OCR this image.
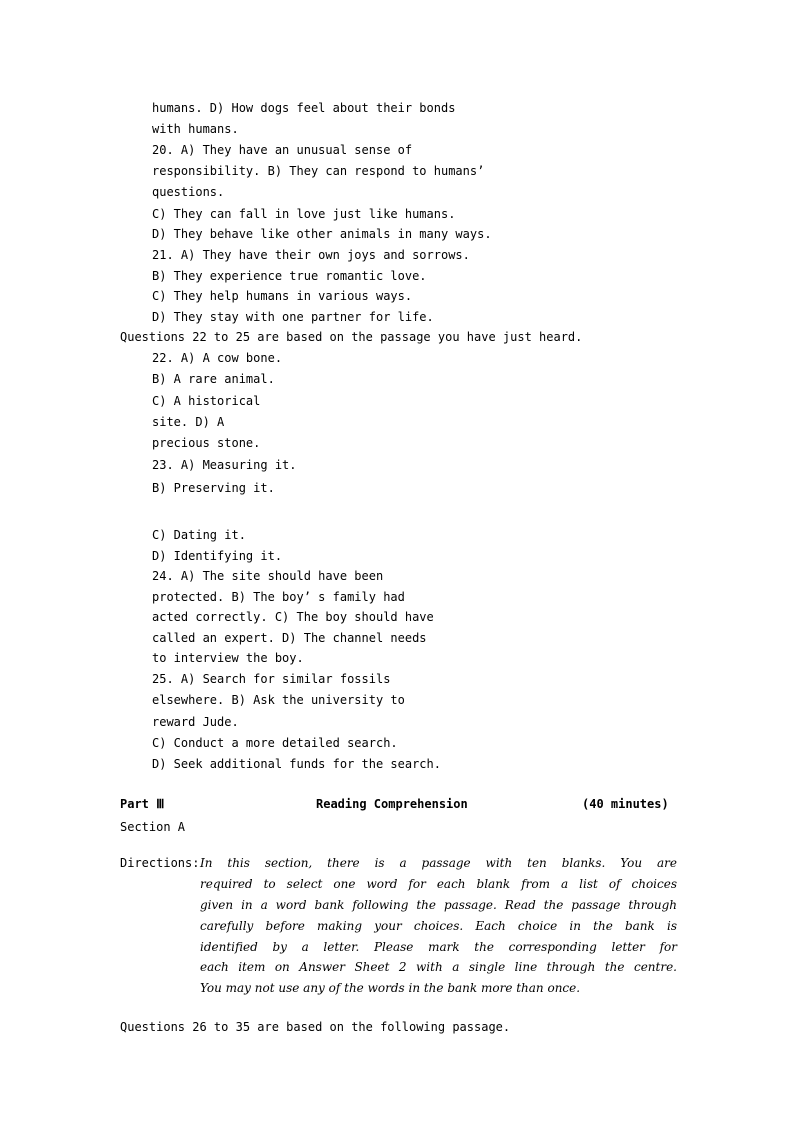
humans. D) How dogs feel about their bonds
with humans.
20. A) They have an unusual sense of
responsibility. B) They can respond to humans’
questions.
C) They can fall in love just like humans.
D) They behave like other animals in many ways.
21. A) They have their own joys and sorrows.
B) They experience true romantic love.
C) They help humans in various ways.
D) They stay with one partner for life.
Questions 22 to 25 are based on the passage you have just heard.
22. A) A cow bone.
B) A rare animal.
C) A historical
site. D) A
precious stone.
23. A) Measuring it.
B) Preserving it.
C) Dating it.
D) Identifying it.
24. A) The site should have been
protected. B) The boy’ s family had
acted correctly. C) The boy should have
called an expert. D) The channel needs
to interview the boy.
25. A) Search for similar fossils
elsewhere. B) Ask the university to
reward Jude.
C) Conduct a more detailed search.
D) Seek additional funds for the search.
Part Ⅲ	Reading Comprehension	(40 minutes)
Section A
Directions: In this section, there is a passage with ten blanks. You are
required to select one word for each blank from a list of choices
given in a word bank following the passage. Read the passage through
carefully before making your choices. Each choice in the bank is
identified by a letter. Please mark the corresponding letter for
each item on Answer Sheet 2 with a single line through the centre.
You may not use any of the words in the bank more than once.
Questions 26 to 35 are based on the following passage.
